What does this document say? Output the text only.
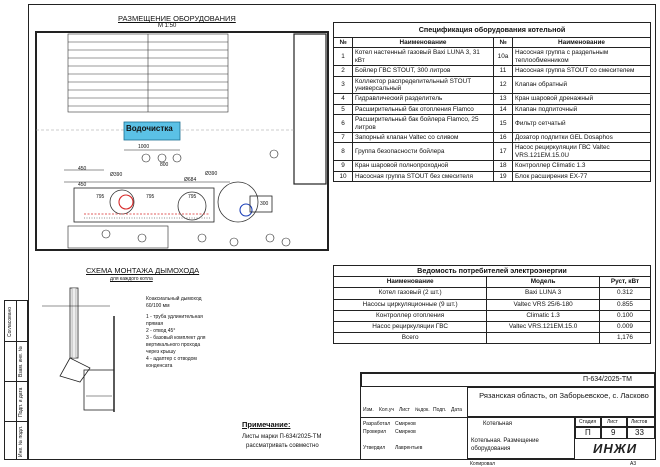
Согласовано
Взам. инв. №
Подп. и дата
Инв. № подл.
РАЗМЕЩЕНИЕ ОБОРУДОВАНИЯ
М 1:50
Водочистка
1000
450
450
Ø390	Ø390
Ø684
795	795
300
795
800
СХЕМА МОНТАЖА ДЫМОХОДА
для каждого котла
Коаксиальный дымоход
60/100 мм
1 - труба удлинительная
прямая
2 - отвод 45°
3 - базовый комплект для
вертикального прохода
через крышу
4 - адаптер с отводом
конденсата
Примечание:
Листы марки П-634/2025-ТМ
рассматривать совместно
Спецификация оборудования котельной			
№	Наименование	№	Наименование
1	Котел настенный газовый Baxi LUNA 3, 31 кВт	10а	Насосная группа с раздельным теплообменником
2	Бойлер ГВС STOUT, 300 литров	11	Насосная группа STOUT со смесителем
3	Коллектор распределительный STOUT универсальный	12	Клапан обратный
4	Гидравлический разделитель	13	Кран шаровой дренажный
5	Расширительный бак отопления Flamco	14	Клапан подпиточный
6	Расширительный бак бойлера Flamco, 25 литров	15	Фильтр сетчатый
7	Запорный клапан Valtec со сливом	16	Дозатор подпитки GEL Dosaphos
8	Группа безопасности бойлера	17	Насос рециркуляции ГВС Valtec VRS.121EM.15.0U
9	Кран шаровой полнопроходной	18	Контроллер Climatic 1.3
10	Насосная группа STOUT без смесителя	19	Блок расширения EX-77
Ведомость потребителей электроэнергии		
Наименование	Модель	Руст, кВт
Котел газовый (2 шт.)	Baxi LUNA 3	0.312
Насосы циркуляционные (9 шт.)	Valtec VRS 25/6-180	0.855
Контроллер отопления	Climatic 1.3	0.100
Насос рециркуляции ГВС	Valtec VRS.121EM.15.0	0.009
Всего		1,176
П-634/2025-ТМ
Рязанская область, оп Заборьевское, с. Ласково
Изм. Кол.уч Лист №док. Подп. Дата
Разработал Смирнов
Проверил Смирнов
Утвердил Лаврентьев
Котельная
Котельная. Размещение оборудования
Стадия Лист	Листов
П	9 33
ИНЖИ
Копировал	А3
